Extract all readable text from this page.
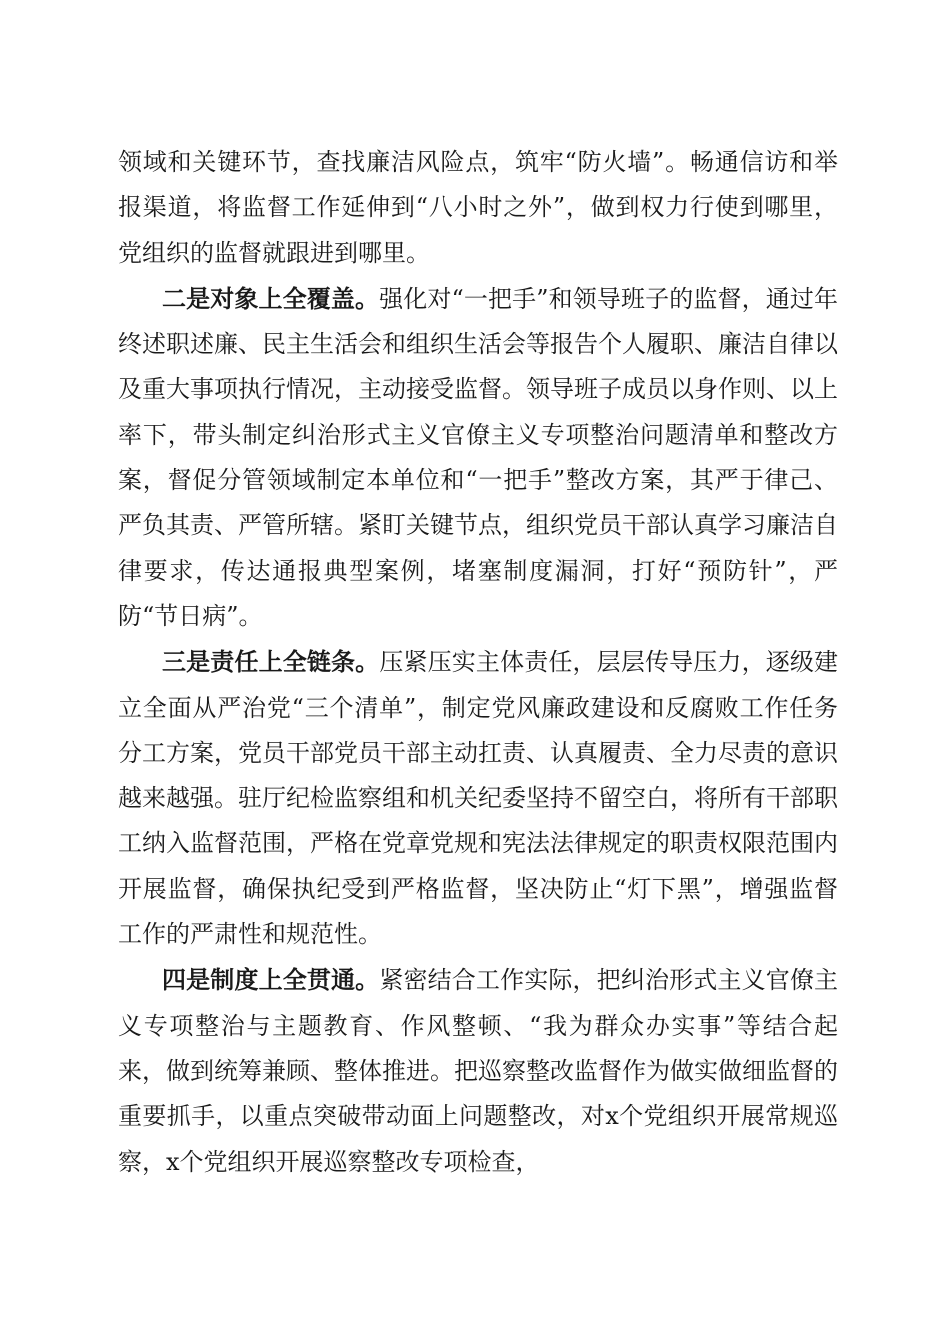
领域和关键环节，查找廉洁风险点，筑牢“防火墙”。畅通信访和举报渠道，将监督工作延伸到“八小时之外”，做到权力行使到哪里，党组织的监督就跟进到哪里。

二是对象上全覆盖。强化对“一把手”和领导班子的监督，通过年终述职述廉、民主生活会和组织生活会等报告个人履职、廉洁自律以及重大事项执行情况，主动接受监督。领导班子成员以身作则、以上率下，带头制定纠治形式主义官僚主义专项整治问题清单和整改方案，督促分管领域制定本单位和“一把手”整改方案，其严于律己、严负其责、严管所辖。紧盯关键节点，组织党员干部认真学习廉洁自律要求，传达通报典型案例，堵塞制度漏洞，打好“预防针”，严防“节日病”。

三是责任上全链条。压紧压实主体责任，层层传导压力，逐级建立全面从严治党“三个清单”，制定党风廉政建设和反腐败工作任务分工方案，党员干部党员干部主动扛责、认真履责、全力尽责的意识越来越强。驻厅纪检监察组和机关纪委坚持不留空白，将所有干部职工纳入监督范围，严格在党章党规和宪法法律规定的职责权限范围内开展监督，确保执纪受到严格监督，坚决防止“灯下黑”，增强监督工作的严肃性和规范性。

四是制度上全贯通。紧密结合工作实际，把纠治形式主义官僚主义专项整治与主题教育、作风整顿、“我为群众办实事”等结合起来，做到统筹兼顾、整体推进。把巡察整改监督作为做实做细监督的重要抓手，以重点突破带动面上问题整改，对x个党组织开展常规巡察，x个党组织开展巡察整改专项检查，
